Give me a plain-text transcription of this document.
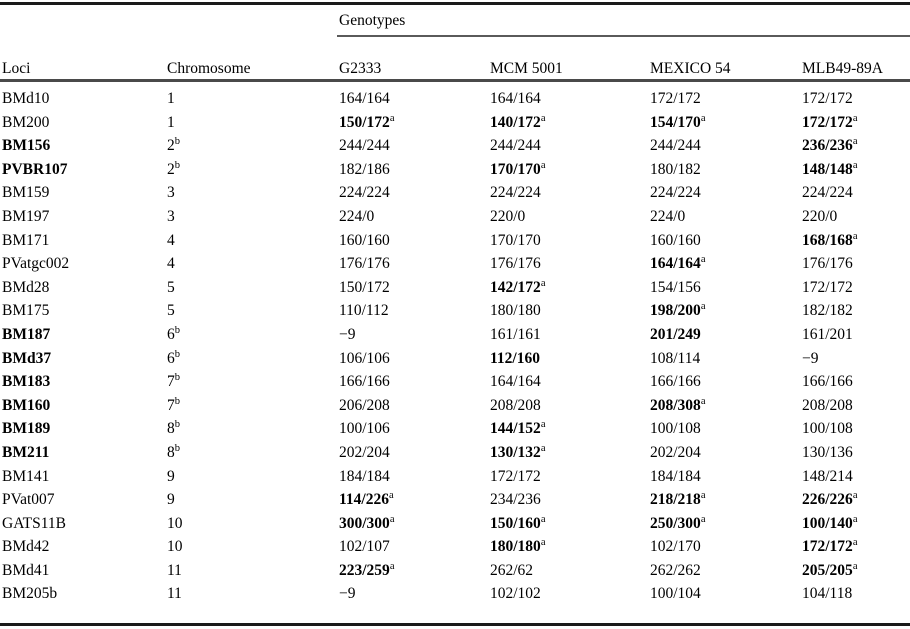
		Genotypes			

Loci	Chromosome	G2333	MCM 5001	MEXICO 54	MLB49-89A
BMd10	1	164/164	164/164	172/172	172/172
BM200	1	150/172$^a$	140/172$^a$	154/170$^a$	172/172$^a$
BM156	2$^b$	244/244	244/244	244/244	236/236$^a$
PVBR107	2$^b$	182/186	170/170$^a$	180/182	148/148$^a$
BM159	3	224/224	224/224	224/224	224/224
BM197	3	224/0	220/0	224/0	220/0
BM171	4	160/160	170/170	160/160	168/168$^a$
PVatgc002	4	176/176	176/176	164/164$^a$	176/176
BMd28	5	150/172	142/172$^a$	154/156	172/172
BM175	5	110/112	180/180	198/200$^a$	182/182
BM187	$6^b$	−9	161/161	201/249	161/201
BMd37	6$^b$	106/106	112/160	108/114	−9
BM183	7$^b$	166/166	164/164	166/166	166/166
BM160	7$^b$	206/208	208/208	208/308$^a$	208/208
BM189	8$^b$	100/106	144/152$^a$	100/108	100/108
BM211	8$^b$	202/204	130/132$^a$	202/204	130/136
BM141	9	184/184	172/172	184/184	148/214
PVat007	9	114/226$^a$	234/236	218/218$^a$	226/226$^a$
GATS11B	10	300/300$^a$	150/160$^a$	250/300$^a$	100/140$^a$
BMd42	10	102/107	180/180$^a$	102/170	172/172$^a$
BMd41	11	223/259$^a$	262/62	262/262	205/205$^a$
BM205b	11	−9	102/102	100/104	104/118
